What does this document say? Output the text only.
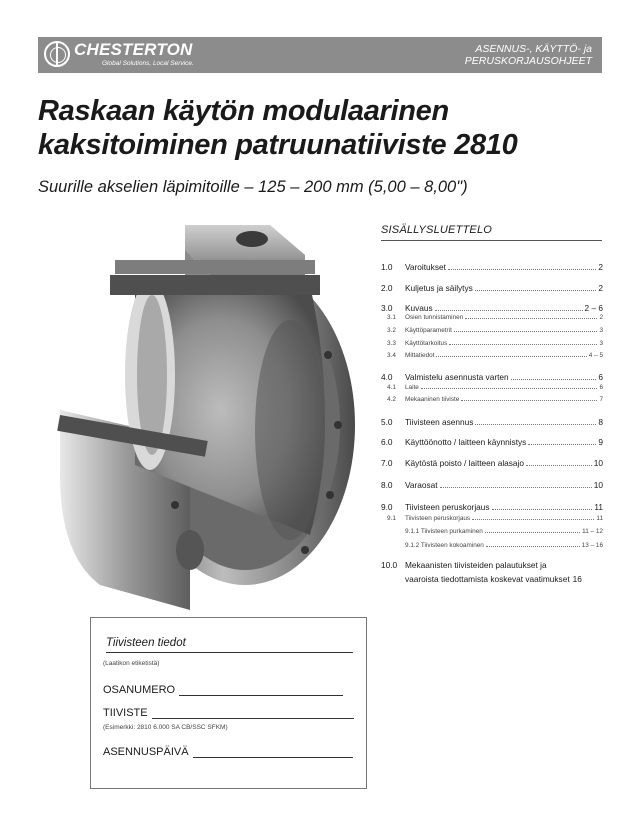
CHESTERTON
Global Solutions, Local Service.
ASENNUS-, KÄYTTÖ- ja
PERUSKORJAUSOHJEET
Raskaan käytön modulaarinen
kaksitoiminen patruunatiiviste 2810
Suurille akselien läpimitoille – 125 – 200 mm (5,00 – 8,00")
SISÄLLYSLUETTELO
1.0	Varoitukset	2
2.0	Kuljetus ja säilytys	2
3.0	Kuvaus	2 – 6
3.1	Osien tunnistaminen	2
3.2	Käyttöparametrit	3
3.3	Käyttötarkoitus	3
3.4	Mittatiedot	4 – 5
4.0	Valmistelu asennusta varten	6
4.1	Laite	6
4.2	Mekaaninen tiiviste	7
5.0	Tiivisteen asennus	8
6.0	Käyttöönotto / laitteen käynnistys	9
7.0	Käytöstä poisto / laitteen alasajo	10
8.0	Varaosat	10
9.0	Tiivisteen peruskorjaus	11
9.1	Tiivisteen peruskorjaus	11
9.1.1 Tiivisteen purkaminen	11 – 12
9.1.2 Tiivisteen kokoaminen	13 – 16
10.0 Mekaanisten tiivisteiden palautukset ja
vaaroista tiedottamista koskevat vaatimukset 16
Tiivisteen tiedot
(Laatikon etiketistä)
OSANUMERO
TIIVISTE
(Esimerkki: 2810 6.000 SA CB/SSC SFKM)
ASENNUSPÄIVÄ
